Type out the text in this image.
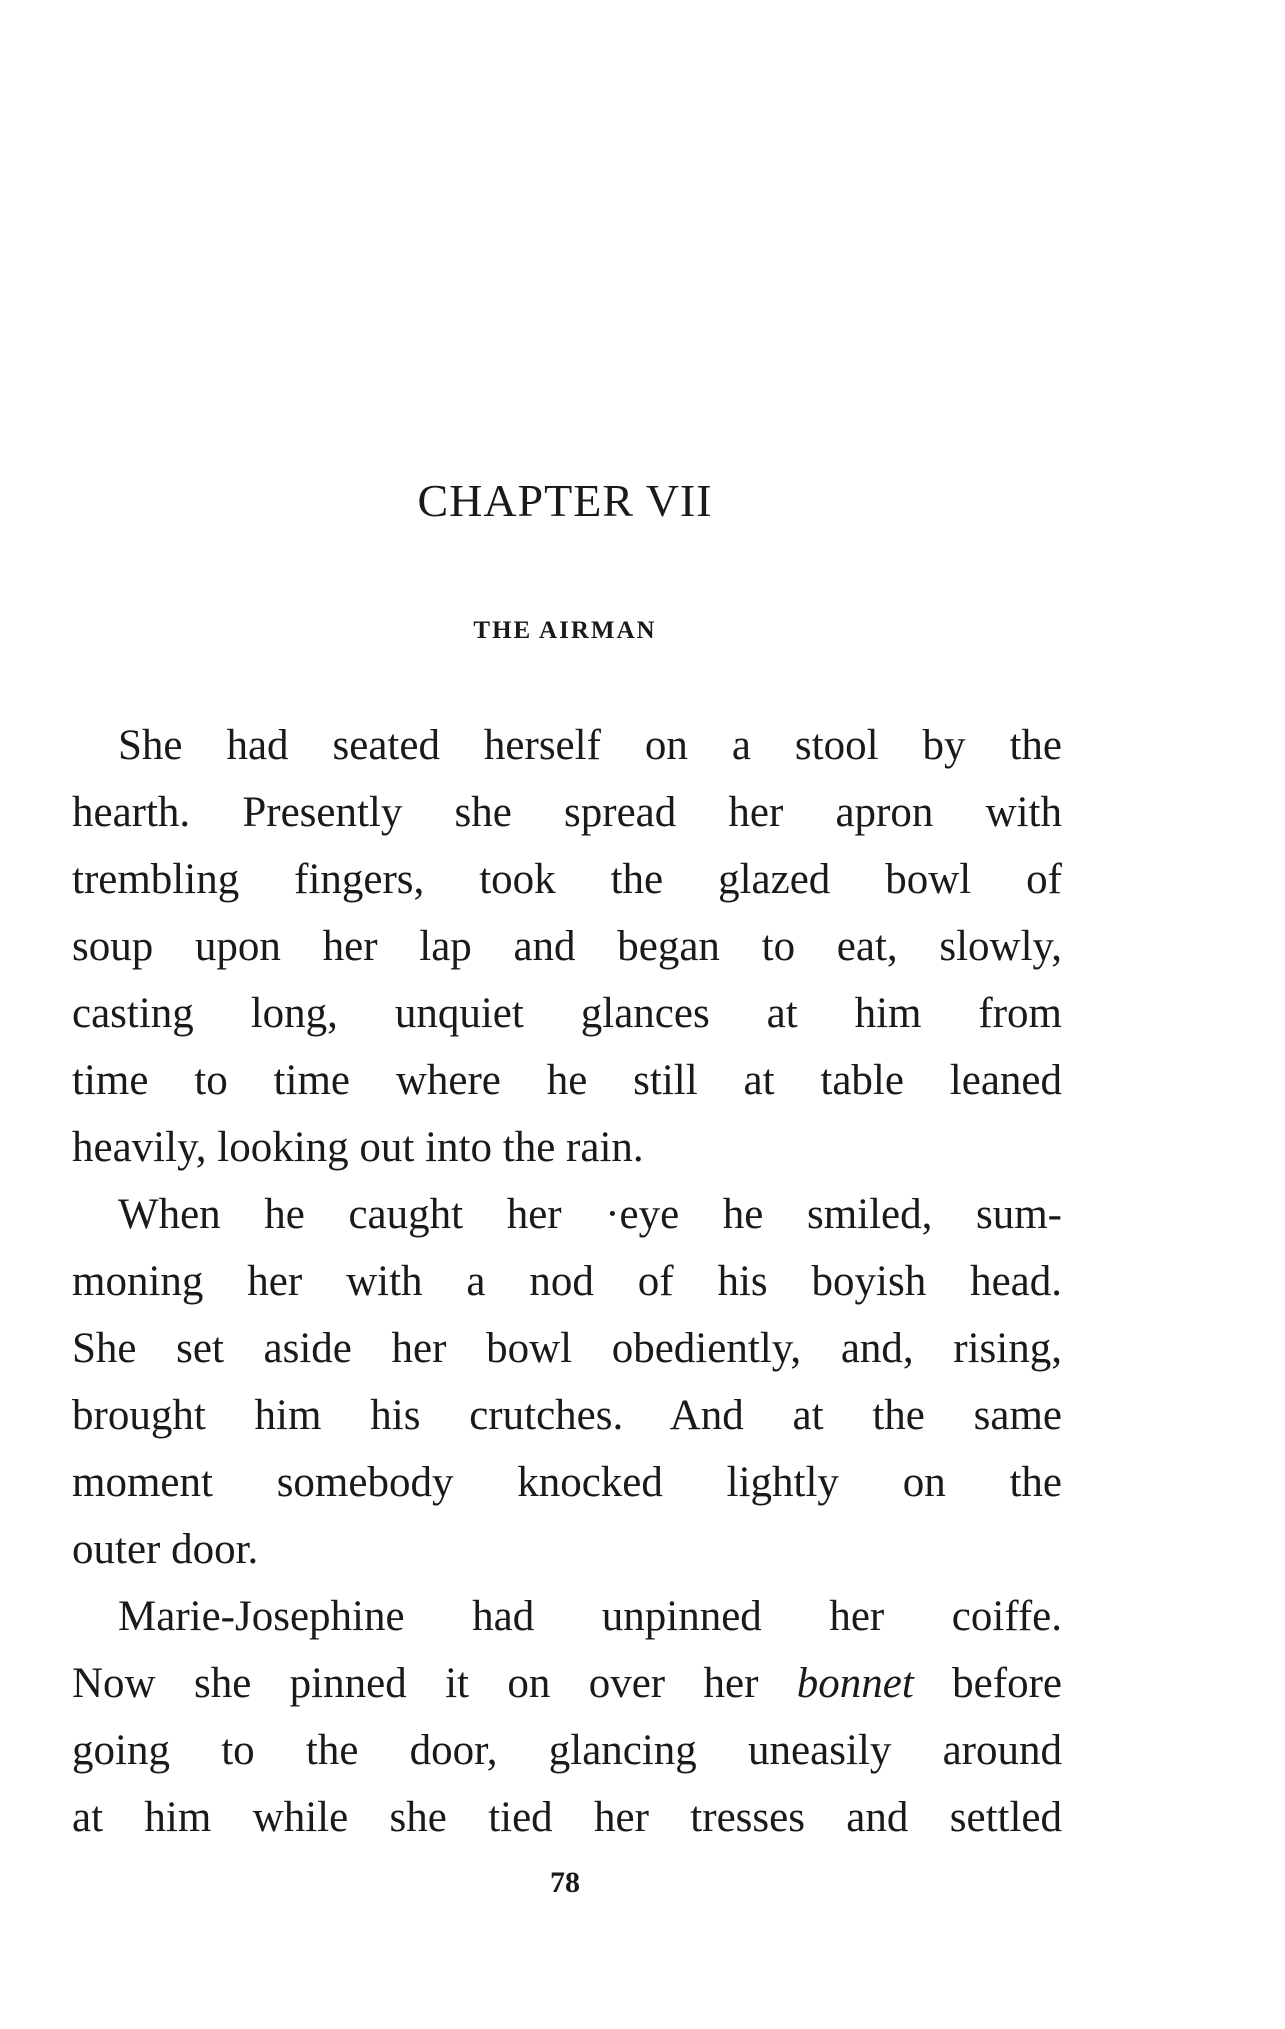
CHAPTER VII
THE AIRMAN
She had seated herself on a stool by the
hearth. Presently she spread her apron with
trembling fingers, took the glazed bowl of
soup upon her lap and began to eat, slowly,
casting long, unquiet glances at him from
time to time where he still at table leaned
heavily, looking out into the rain.
When he caught her ·eye he smiled, sum-
moning her with a nod of his boyish head.
She set aside her bowl obediently, and, rising,
brought him his crutches. And at the same
moment somebody knocked lightly on the
outer door.
Marie-Josephine had unpinned her coiffe.
Now she pinned it on over her bonnet before
going to the door, glancing uneasily around
at him while she tied her tresses and settled
78
